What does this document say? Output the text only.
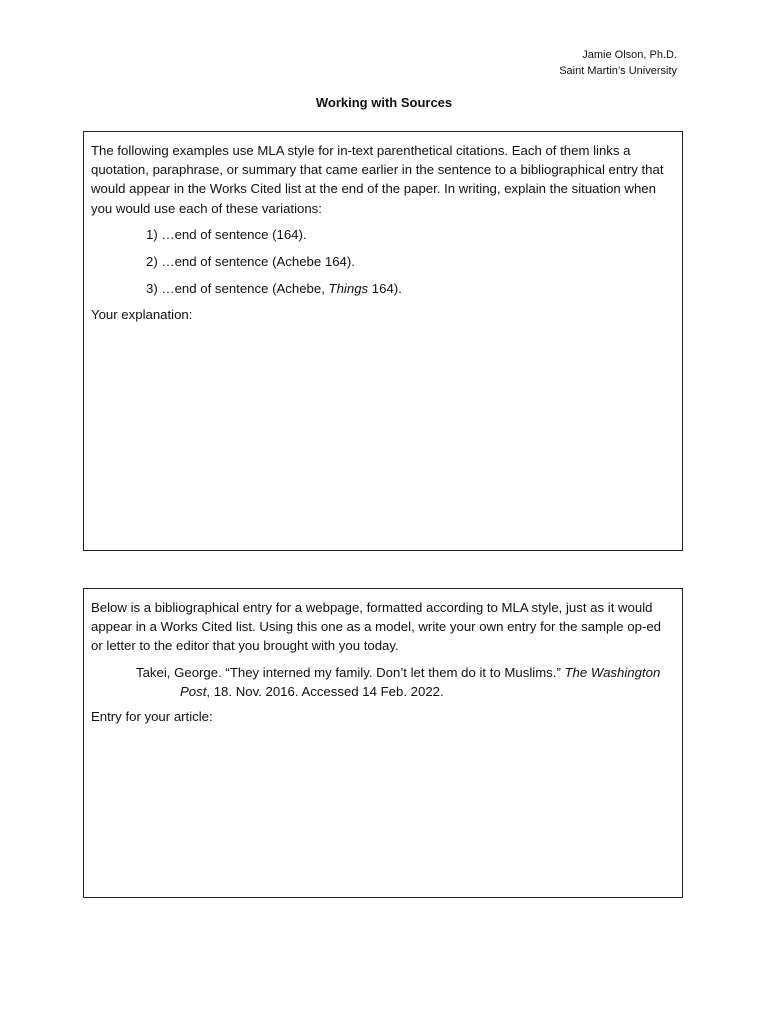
Jamie Olson, Ph.D.
Saint Martin’s University
Working with Sources

The following examples use MLA style for in-text parenthetical citations. Each of them links a quotation, paraphrase, or summary that came earlier in the sentence to a bibliographical entry that would appear in the Works Cited list at the end of the paper. In writing, explain the situation when you would use each of these variations:

1) …end of sentence (164).

2) …end of sentence (Achebe 164).

3) …end of sentence (Achebe, Things 164).

Your explanation:

Below is a bibliographical entry for a webpage, formatted according to MLA style, just as it would appear in a Works Cited list. Using this one as a model, write your own entry for the sample op-ed or letter to the editor that you brought with you today.

Takei, George. “They interned my family. Don’t let them do it to Muslims.” The Washington Post, 18. Nov. 2016. Accessed 14 Feb. 2022.

Entry for your article:
